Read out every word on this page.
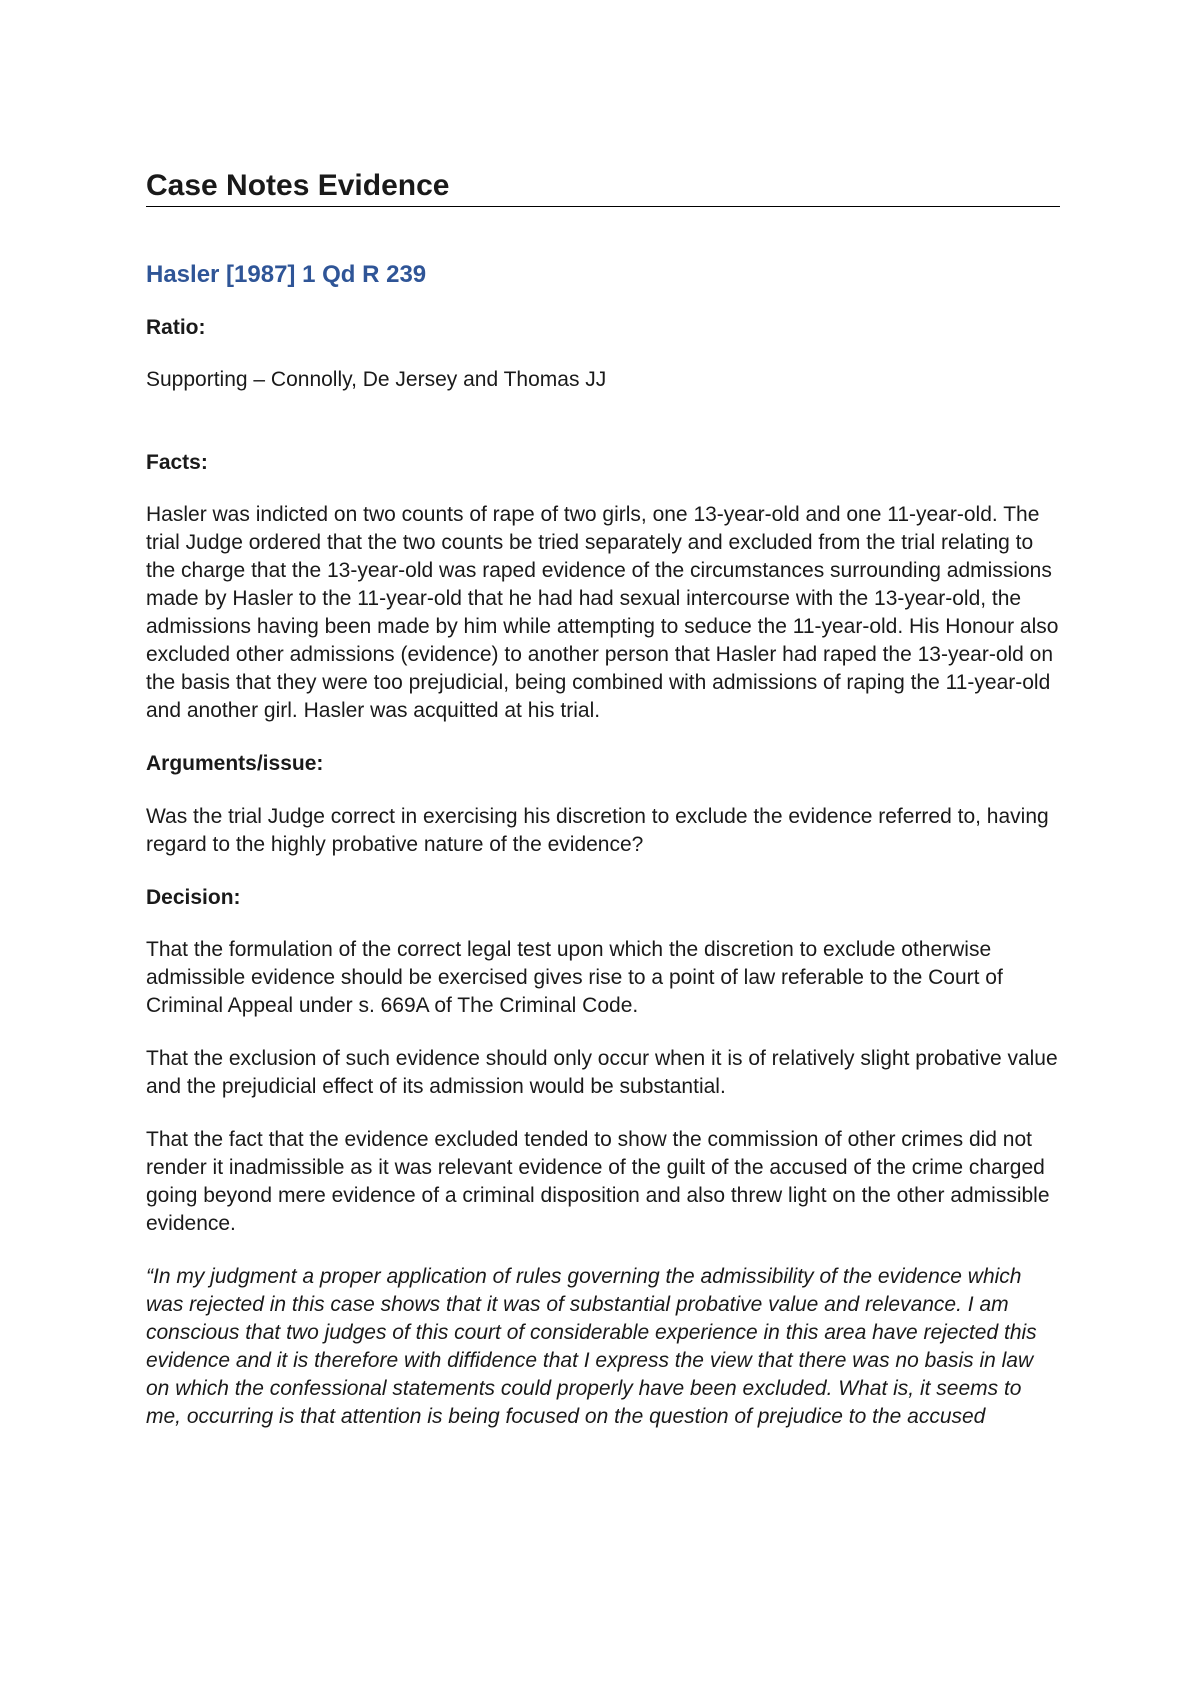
Case Notes Evidence
Hasler [1987] 1 Qd R 239

Ratio:

Supporting – Connolly, De Jersey and Thomas JJ

Facts:

Hasler was indicted on two counts of rape of two girls, one 13-year-old and one 11-year-old. The trial Judge ordered that the two counts be tried separately and excluded from the trial relating to the charge that the 13-year-old was raped evidence of the circumstances surrounding admissions made by Hasler to the 11-year-old that he had had sexual intercourse with the 13-year-old, the admissions having been made by him while attempting to seduce the 11-year-old. His Honour also excluded other admissions (evidence) to another person that Hasler had raped the 13-year-old on the basis that they were too prejudicial, being combined with admissions of raping the 11-year-old and another girl. Hasler was acquitted at his trial.

Arguments/issue:

Was the trial Judge correct in exercising his discretion to exclude the evidence referred to, having regard to the highly probative nature of the evidence?

Decision:

That the formulation of the correct legal test upon which the discretion to exclude otherwise admissible evidence should be exercised gives rise to a point of law referable to the Court of Criminal Appeal under s. 669A of The Criminal Code.

That the exclusion of such evidence should only occur when it is of relatively slight probative value and the prejudicial effect of its admission would be substantial.

That the fact that the evidence excluded tended to show the commission of other crimes did not render it inadmissible as it was relevant evidence of the guilt of the accused of the crime charged going beyond mere evidence of a criminal disposition and also threw light on the other admissible evidence.

“In my judgment a proper application of rules governing the admissibility of the evidence which was rejected in this case shows that it was of substantial probative value and relevance. I am conscious that two judges of this court of considerable experience in this area have rejected this evidence and it is therefore with diffidence that I express the view that there was no basis in law on which the confessional statements could properly have been excluded. What is, it seems to me, occurring is that attention is being focused on the question of prejudice to the accused
